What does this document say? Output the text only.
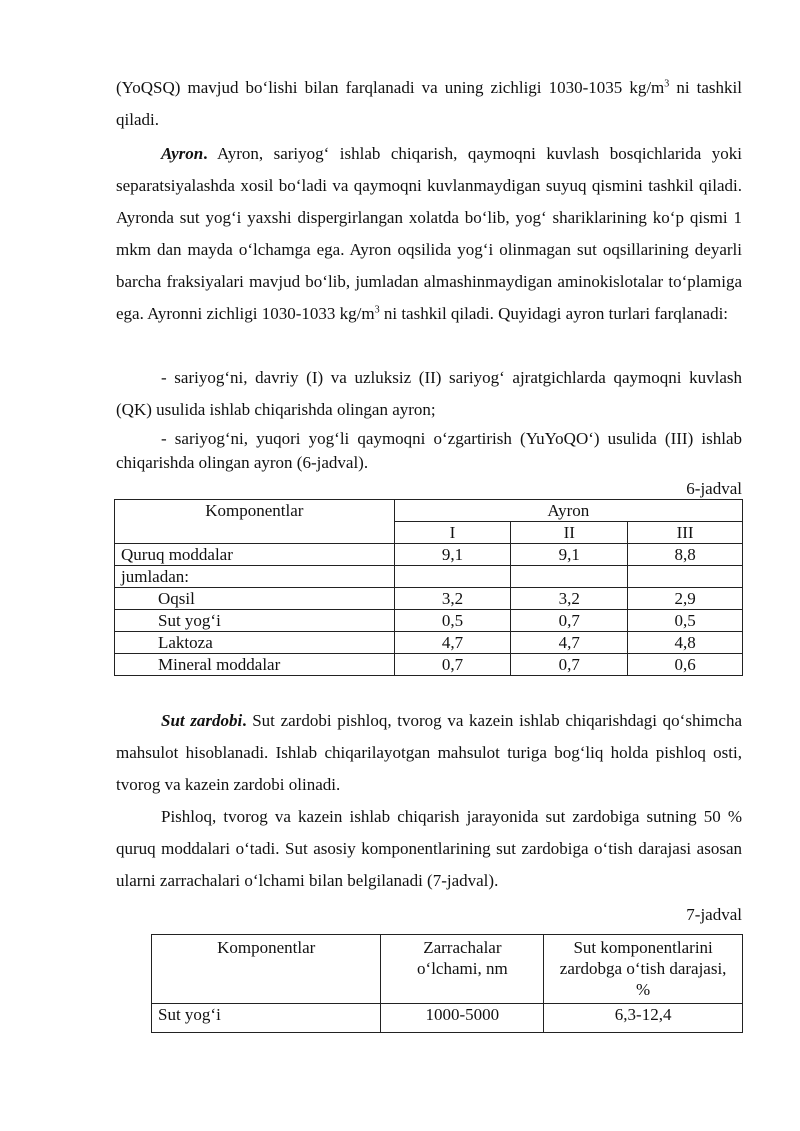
(YoQSQ) mavjud bo‘lishi bilan farqlanadi va uning zichligi 1030-1035 $kg/m^3$ ni tashkil qiladi.

Ayron. Ayron, sariyog‘ ishlab chiqarish, qaymoqni kuvlash bosqichlarida yoki separatsiyalashda xosil bo‘ladi va qaymoqni kuvlanmaydigan suyuq qismini tashkil qiladi. Ayronda sut yog‘i yaxshi dispergirlangan xolatda bo‘lib, yog‘ shariklarining ko‘p qismi 1 mkm dan mayda o‘lchamga ega. Ayron oqsilida yog‘i olinmagan sut oqsillarining deyarli barcha fraksiyalari mavjud bo‘lib, jumladan almashinmaydigan aminokislotalar to‘plamiga ega. Ayronni zichligi 1030-1033 $kg/m^3$ ni tashkil qiladi. Quyidagi ayron turlari farqlanadi:

- sariyog‘ni, davriy (I) va uzluksiz (II) sariyog‘ ajratgichlarda qaymoqni kuvlash (QK) usulida ishlab chiqarishda olingan ayron;

- sariyog‘ni, yuqori yog‘li qaymoqni o‘zgartirish (YuYoQO‘) usulida (III) ishlab chiqarishda olingan ayron (6-jadval).

6-jadval

Komponentlar	Ayron		
	I	II	III
Quruq moddalar	9,1	9,1	8,8
jumladan:			
Oqsil	3,2	3,2	2,9
Sut yog‘i	0,5	0,7	0,5
Laktoza	4,7	4,7	4,8
Mineral moddalar	0,7	0,7	0,6

Sut zardobi. Sut zardobi pishloq, tvorog va kazein ishlab chiqarishdagi qo‘shimcha mahsulot hisoblanadi. Ishlab chiqarilayotgan mahsulot turiga bog‘liq holda pishloq osti, tvorog va kazein zardobi olinadi.

Pishloq, tvorog va kazein ishlab chiqarish jarayonida sut zardobiga sutning 50 % quruq moddalari o‘tadi. Sut asosiy komponentlarining sut zardobiga o‘tish darajasi asosan ularni zarrachalari o‘lchami bilan belgilanadi (7-jadval).

7-jadval

Komponentlar	Zarrachalar o‘lchami, nm	Sut komponentlarini zardobga o‘tish darajasi, %
Sut yog‘i	1000-5000	6,3-12,4
